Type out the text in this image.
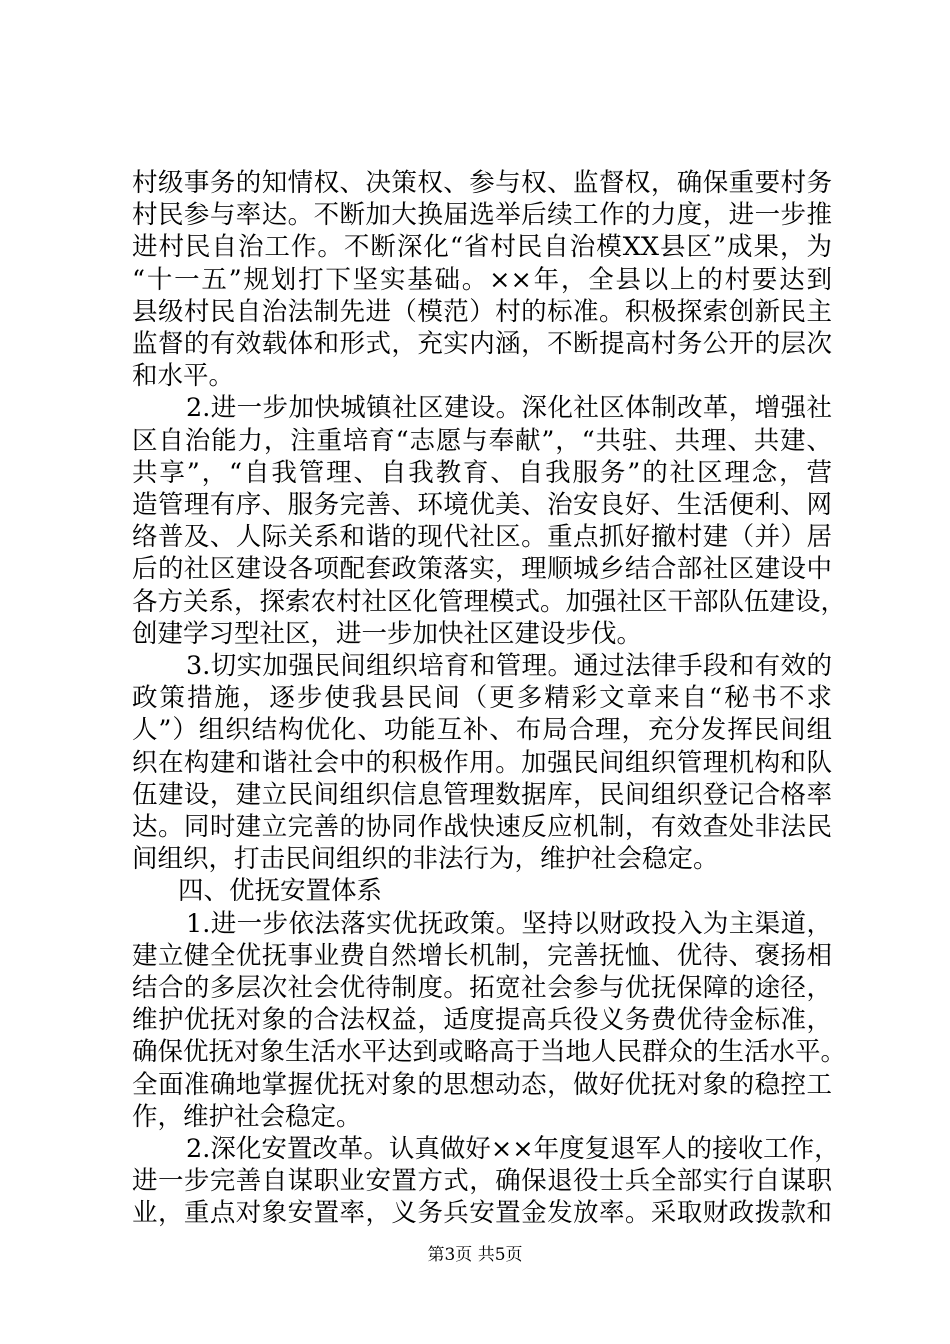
村级事务的知情权、决策权、参与权、监督权，确保重要村务
村民参与率达。不断加大换届选举后续工作的力度，进一步推
进村民自治工作。不断深化“省村民自治模XX县区”成果，为
“十一五”规划打下坚实基础。××年，全县以上的村要达到
县级村民自治法制先进（模范）村的标准。积极探索创新民主
监督的有效载体和形式，充实内涵，不断提高村务公开的层次
和水平。
2.进一步加快城镇社区建设。深化社区体制改革，增强社
区自治能力，注重培育“志愿与奉献”，“共驻、共理、共建、
共享”，“自我管理、自我教育、自我服务”的社区理念，营
造管理有序、服务完善、环境优美、治安良好、生活便利、网
络普及、人际关系和谐的现代社区。重点抓好撤村建（并）居
后的社区建设各项配套政策落实，理顺城乡结合部社区建设中
各方关系，探索农村社区化管理模式。加强社区干部队伍建设，
创建学习型社区，进一步加快社区建设步伐。
3.切实加强民间组织培育和管理。通过法律手段和有效的
政策措施，逐步使我县民间（更多精彩文章来自“秘书不求
人”）组织结构优化、功能互补、布局合理，充分发挥民间组
织在构建和谐社会中的积极作用。加强民间组织管理机构和队
伍建设，建立民间组织信息管理数据库，民间组织登记合格率
达。同时建立完善的协同作战快速反应机制，有效查处非法民
间组织，打击民间组织的非法行为，维护社会稳定。
四、优抚安置体系
1.进一步依法落实优抚政策。坚持以财政投入为主渠道，
建立健全优抚事业费自然增长机制，完善抚恤、优待、褒扬相
结合的多层次社会优待制度。拓宽社会参与优抚保障的途径，
维护优抚对象的合法权益，适度提高兵役义务费优待金标准，
确保优抚对象生活水平达到或略高于当地人民群众的生活水平。
全面准确地掌握优抚对象的思想动态，做好优抚对象的稳控工
作，维护社会稳定。
2.深化安置改革。认真做好××年度复退军人的接收工作，
进一步完善自谋职业安置方式，确保退役士兵全部实行自谋职
业，重点对象安置率，义务兵安置金发放率。采取财政拨款和
第3页 共5页
